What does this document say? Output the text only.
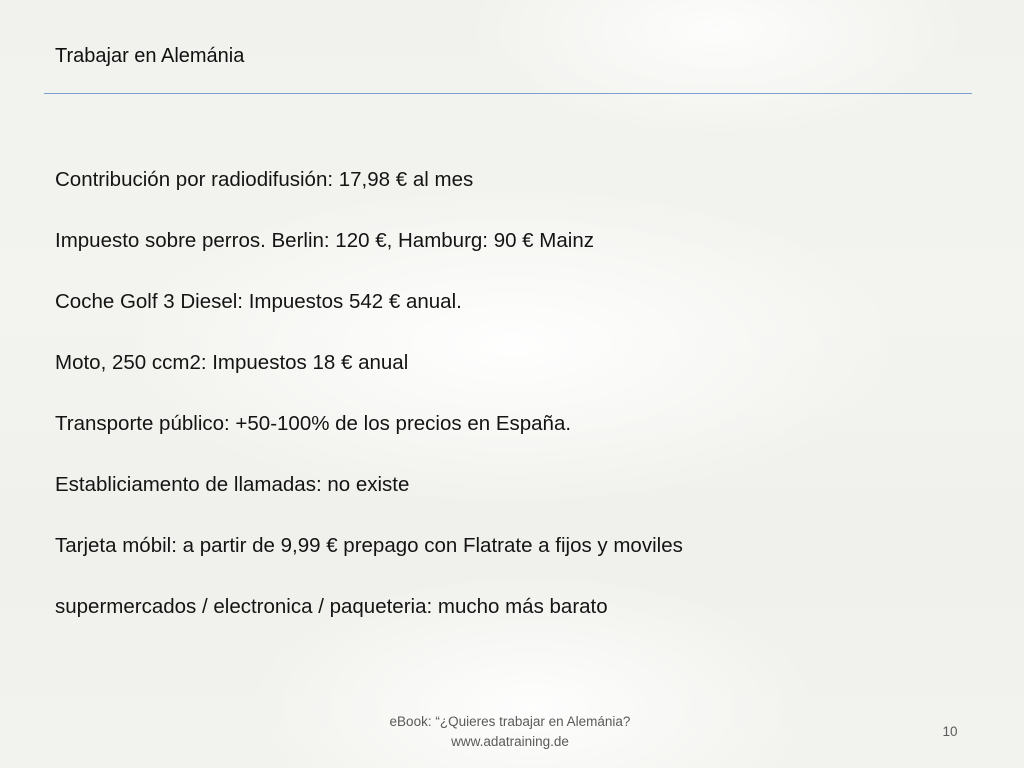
Trabajar en Alemánia
Contribución por radiodifusión: 17,98 € al mes
Impuesto sobre perros. Berlin: 120 €, Hamburg: 90 € Mainz
Coche Golf 3 Diesel: Impuestos 542 € anual.
Moto, 250 ccm2: Impuestos 18 € anual
Transporte público: +50-100% de los precios en España.
Establiciamento de llamadas: no existe
Tarjeta móbil: a partir de 9,99 € prepago con Flatrate a fijos y moviles
supermercados / electronica / paqueteria: mucho más barato
eBook: “¿Quieres trabajar en Alemánia?
www.adatraining.de
10
